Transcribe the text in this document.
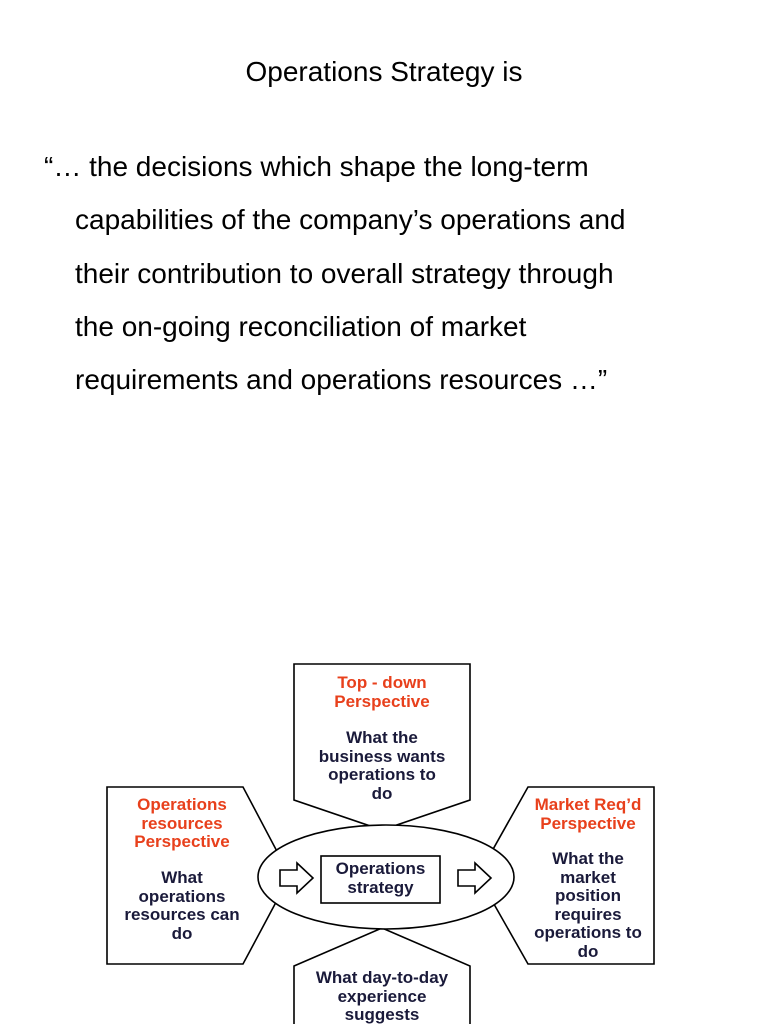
Operations Strategy is
“… the decisions which shape the long-term
capabilities of the company’s operations and
their contribution to overall strategy through
the on-going reconciliation of market
requirements and operations resources …”
Top - down
Perspective
What the
business wants
operations to
do
Operations
resources
Perspective
What
operations
resources can
do
Market Req’d
Perspective
What the
market
position
requires
operations to
do
What day-to-day
experience
suggests
Operations
strategy
